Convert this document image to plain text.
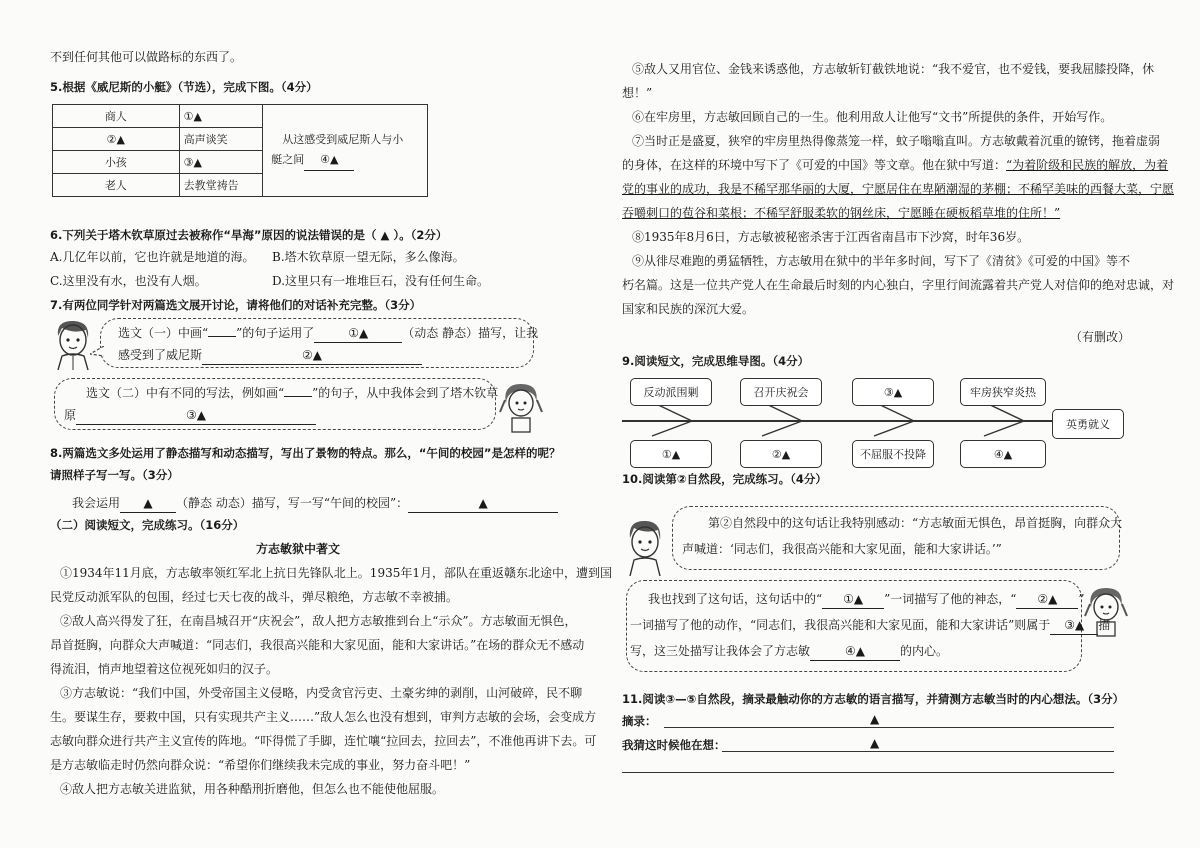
不到任何其他可以做路标的东西了。
5.根据《威尼斯的小艇》（节选），完成下图。（4分）
商人	①▲	从这感受到威尼斯人与小
艇之间 ④▲

②▲	高声谈笑	
小孩	③▲	
老人	去教堂祷告	
6.下列关于塔木钦草原过去被称作“旱海”原因的说法错误的是（ ▲ ）。（2分）
A.几亿年以前，它也许就是地道的海。 B.塔木钦草原一望无际，多么像海。
C.这里没有水，也没有人烟。	D.这里只有一堆堆巨石，没有任何生命。
7.有两位同学针对两篇选文展开讨论，请将他们的对话补充完整。（3分）
选文（一）中画“ ”的句子运用了	①▲	（动态 静态）描写，让我
感受到了威尼斯	②▲
选文（二）中有不同的写法，例如画“ ”的句子，从中我体会到了塔木钦草
原	③▲
8.两篇选文多处运用了静态描写和动态描写，写出了景物的特点。那么，“午间的校园”是怎样的呢？
请照样子写一写。（3分）
我会运用 ▲ （静态 动态）描写，写一写“午间的校园”：	▲
（二）阅读短文，完成练习。（16分）
方志敏狱中著文
①1934年11月底，方志敏率领红军北上抗日先锋队北上。1935年1月，部队在重返赣东北途中，遭到国
民党反动派军队的包围，经过七天七夜的战斗，弹尽粮绝，方志敏不幸被捕。
②敌人高兴得发了狂，在南昌城召开“庆祝会”，敌人把方志敏推到台上“示众”。方志敏面无惧色，
昂首挺胸，向群众大声喊道：“同志们，我很高兴能和大家见面，能和大家讲话。”在场的群众无不感动
得流泪，悄声地望着这位视死如归的汉子。
③方志敏说：“我们中国，外受帝国主义侵略，内受贪官污吏、土豪劣绅的剥削，山河破碎，民不聊
生。要谋生存，要救中国，只有实现共产主义……”敌人怎么也没有想到，审判方志敏的会场，会变成方
志敏向群众进行共产主义宣传的阵地。“吓得慌了手脚，连忙嚷“拉回去，拉回去”，不准他再讲下去。可
是方志敏临走时仍然向群众说：“希望你们继续我未完成的事业，努力奋斗吧！”
④敌人把方志敏关进监狱，用各种酷刑折磨他，但怎么也不能使他屈服。
⑤敌人又用官位、金钱来诱惑他，方志敏斩钉截铁地说：“我不爱官，也不爱钱，要我屈膝投降，休
想！”
⑥在牢房里，方志敏回顾自己的一生。他利用敌人让他写“文书”所提供的条件，开始写作。
⑦当时正是盛夏，狭窄的牢房里热得像蒸笼一样，蚊子嗡嗡直叫。方志敏戴着沉重的镣铐，拖着虚弱
的身体，在这样的环境中写下了《可爱的中国》等文章。他在狱中写道：“为着阶级和民族的解放，为着
党的事业的成功，我是不稀罕那华丽的大厦，宁愿居住在卑陋潮湿的茅棚；不稀罕美味的西餐大菜，宁愿
吞嚼刺口的苞谷和菜根；不稀罕舒服柔软的钢丝床，宁愿睡在硬板稻草堆的住所！”
⑧1935年8月6日，方志敏被秘密杀害于江西省南昌市下沙窝，时年36岁。
⑨从徘尽难跑的勇猛牺牲，方志敏用在狱中的半年多时间，写下了《清贫》《可爱的中国》等不
朽名篇。这是一位共产党人在生命最后时刻的内心独白，字里行间流露着共产党人对信仰的绝对忠诚，对
国家和民族的深沉大爱。
（有删改）
9.阅读短文，完成思维导图。（4分）
反动派围剿	召开庆祝会	③▲	牢房狭窄炎热
①▲	②▲	不屈服不投降	④▲
英勇就义
10.阅读第②自然段，完成练习。（4分）
第②自然段中的这句话让我特别感动：“方志敏面无惧色，昂首挺胸，向群众大
声喊道：‘同志们，我很高兴能和大家见面，能和大家讲话。’”
我也找到了这句话，这句话中的“ ①▲ ”一词描写了他的神态，“ ②▲ ”
一词描写了他的动作，“同志们，我很高兴能和大家见面，能和大家讲话”则属于 ③▲ 描
写，这三处描写让我体会了方志敏	④▲	的内心。
11.阅读③—⑤自然段，摘录最触动你的方志敏的语言描写，并猜测方志敏当时的内心想法。（3分）
摘录：	▲
我猜这时候他在想：	▲
